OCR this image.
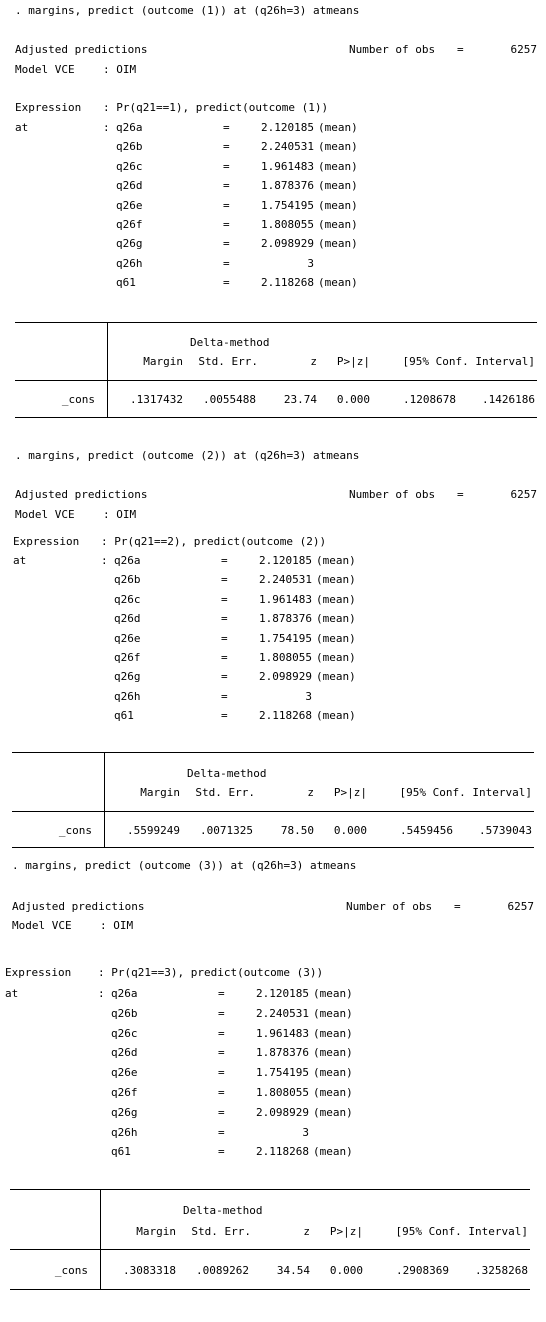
. margins, predict (outcome (1)) at (q26h=3) atmeans
Adjusted predictions	Number of obs =	6257
Model VCE	: OIM
Expression : Pr(q21==1), predict(outcome (1))
at	: q26a	=	2.120185 (mean)
q26b	=	2.240531 (mean)
q26c	=	1.961483 (mean)
q26d	=	1.878376 (mean)
q26e	=	1.754195 (mean)
q26f	=	1.808055 (mean)
q26g	=	2.098929 (mean)
q26h	=	3
q61	=	2.118268 (mean)
Delta-method
Margin Std. Err.	z P>|z|	[95% Conf. Interval]
_cons	.1317432 .0055488	23.74 0.000	.1208678 .1426186
. margins, predict (outcome (2)) at (q26h=3) atmeans
Adjusted predictions	Number of obs =	6257
Model VCE	: OIM
Expression : Pr(q21==2), predict(outcome (2))
at	: q26a	=	2.120185 (mean)
q26b	=	2.240531 (mean)
q26c	=	1.961483 (mean)
q26d	=	1.878376 (mean)
q26e	=	1.754195 (mean)
q26f	=	1.808055 (mean)
q26g	=	2.098929 (mean)
q26h	=	3
q61	=	2.118268 (mean)
Delta-method
Margin Std. Err.	z P>|z|	[95% Conf. Interval]
_cons	.5599249 .0071325	78.50 0.000	.5459456 .5739043
. margins, predict (outcome (3)) at (q26h=3) atmeans
Adjusted predictions	Number of obs =	6257
Model VCE	: OIM
Expression : Pr(q21==3), predict(outcome (3))
at	: q26a	=	2.120185 (mean)
q26b	=	2.240531 (mean)
q26c	=	1.961483 (mean)
q26d	=	1.878376 (mean)
q26e	=	1.754195 (mean)
q26f	=	1.808055 (mean)
q26g	=	2.098929 (mean)
q26h	=	3
q61	=	2.118268 (mean)
Delta-method
Margin Std. Err.	z P>|z|	[95% Conf. Interval]
_cons	.3083318 .0089262	34.54 0.000	.2908369 .3258268
